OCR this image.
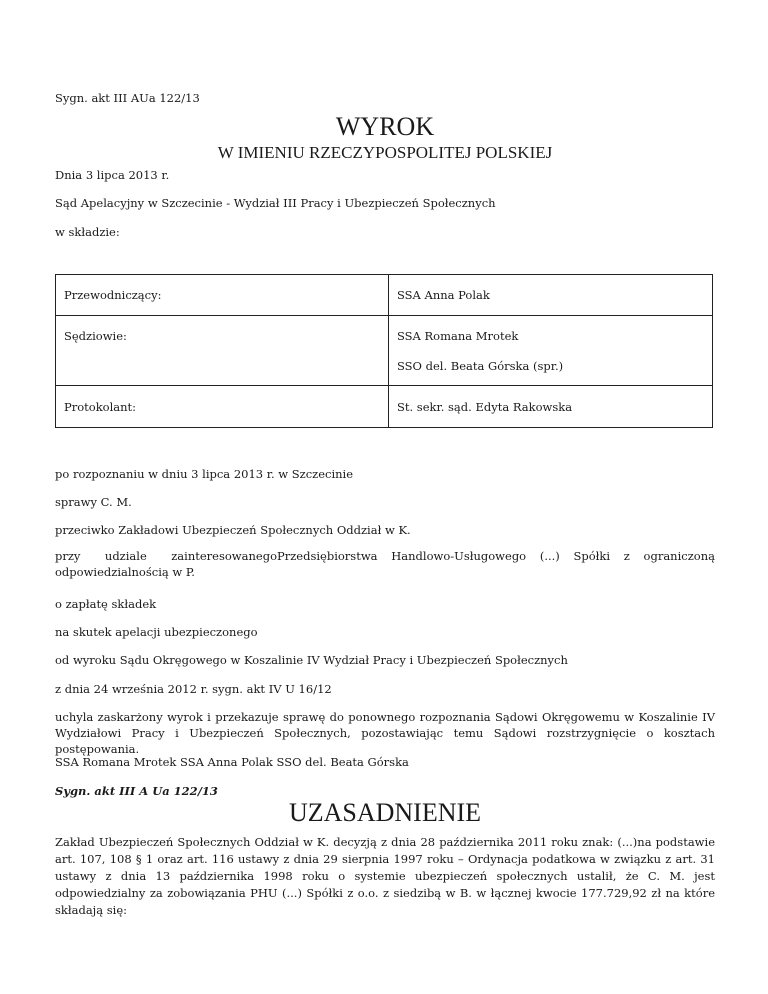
Sygn. akt III AUa 122/13
WYROK
W IMIENIU RZECZYPOSPOLITEJ POLSKIEJ
Dnia 3 lipca 2013 r.
Sąd Apelacyjny w Szczecinie - Wydział III Pracy i Ubezpieczeń Społecznych
w składzie:
Przewodniczący:	SSA Anna Polak

Sędziowie:	SSA Romana Mrotek
SSO del. Beata Górska (spr.)

Protokolant:	St. sekr. sąd. Edyta Rakowska
po rozpoznaniu w dniu 3 lipca 2013 r. w Szczecinie
sprawy C. M.
przeciwko Zakładowi Ubezpieczeń Społecznych Oddział w K.
przy udziale zainteresowanego odpowiedzialnością w P.
Przedsiębiorstwa Handlowo-Usługowego (...) Spółki z ograniczoną
o zapłatę składek
na skutek apelacji ubezpieczonego
od wyroku Sądu Okręgowego w Koszalinie IV Wydział Pracy i Ubezpieczeń Społecznych
z dnia 24 września 2012 r. sygn. akt IV U 16/12
uchyla zaskarżony wyrok i przekazuje sprawę do ponownego rozpoznania Sądowi Okręgowemu w Koszalinie IV Wydziałowi Pracy i Ubezpieczeń Społecznych, pozostawiając temu Sądowi rozstrzygnięcie o kosztach postępowania.
SSA Romana Mrotek SSA Anna Polak SSO del. Beata Górska
Sygn. akt III A Ua 122/13
UZASADNIENIE
Zakład Ubezpieczeń Społecznych Oddział w K. decyzją z dnia 28 października 2011 roku znak: (...)na podstawie art. 107, 108 § 1 oraz art. 116 ustawy z dnia 29 sierpnia 1997 roku – Ordynacja podatkowa w związku z art. 31 ustawy z dnia 13 października 1998 roku o systemie ubezpieczeń społecznych ustalił, że C. M. jest odpowiedzialny za zobowiązania PHU (...) Spółki z o.o. z siedzibą w B. w łącznej kwocie 177.729,92 zł na które składają się:
